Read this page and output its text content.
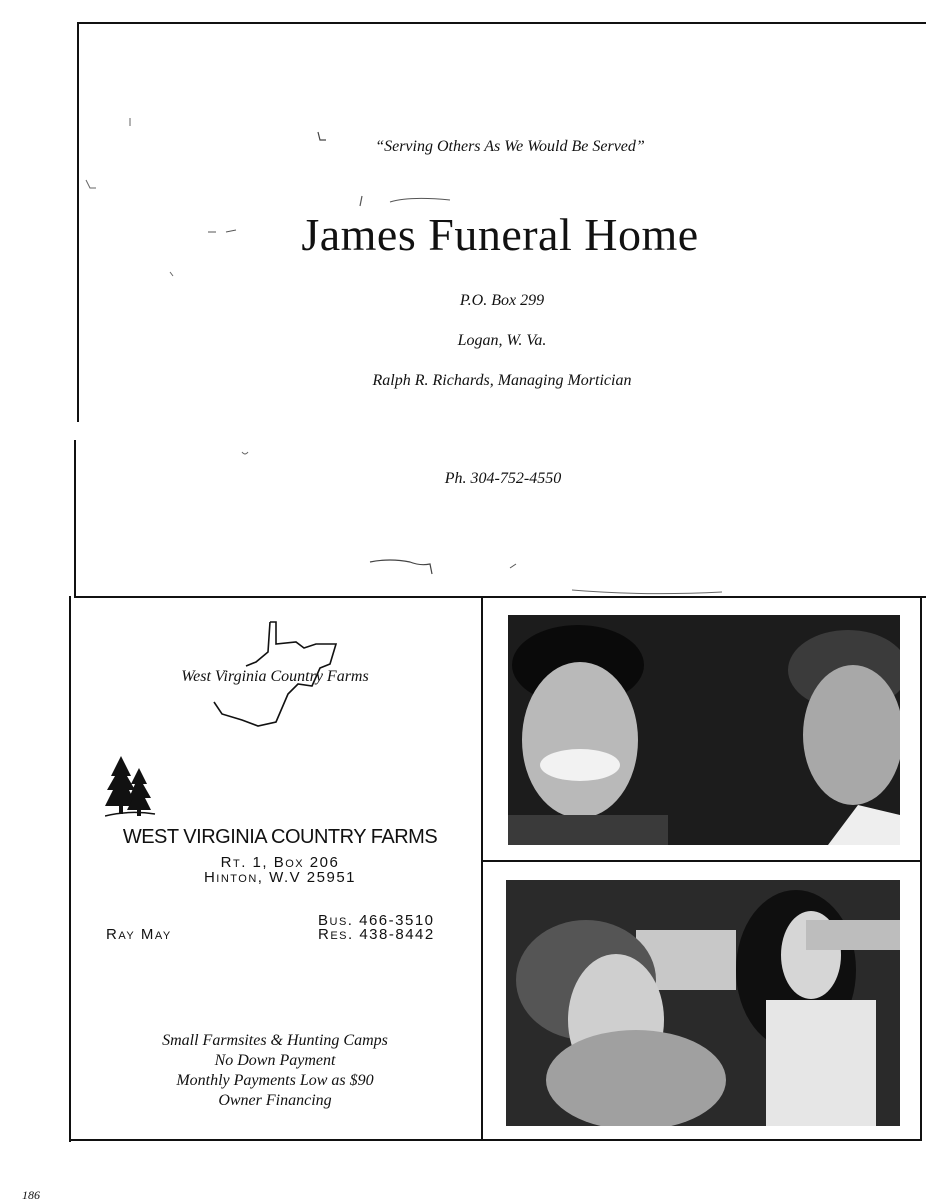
“Serving Others As We Would Be Served”
James Funeral Home
P.O. Box 299
Logan, W. Va.
Ralph R. Richards, Managing Mortician
Ph. 304-752-4550
West Virginia Country Farms
WEST VIRGINIA COUNTRY FARMS
Rt. 1, Box 206
Hinton, W.V 25951
Ray May
Bus. 466-3510
Res. 438-8442
Small Farmsites & Hunting Camps
No Down Payment
Monthly Payments Low as $90
Owner Financing
186
